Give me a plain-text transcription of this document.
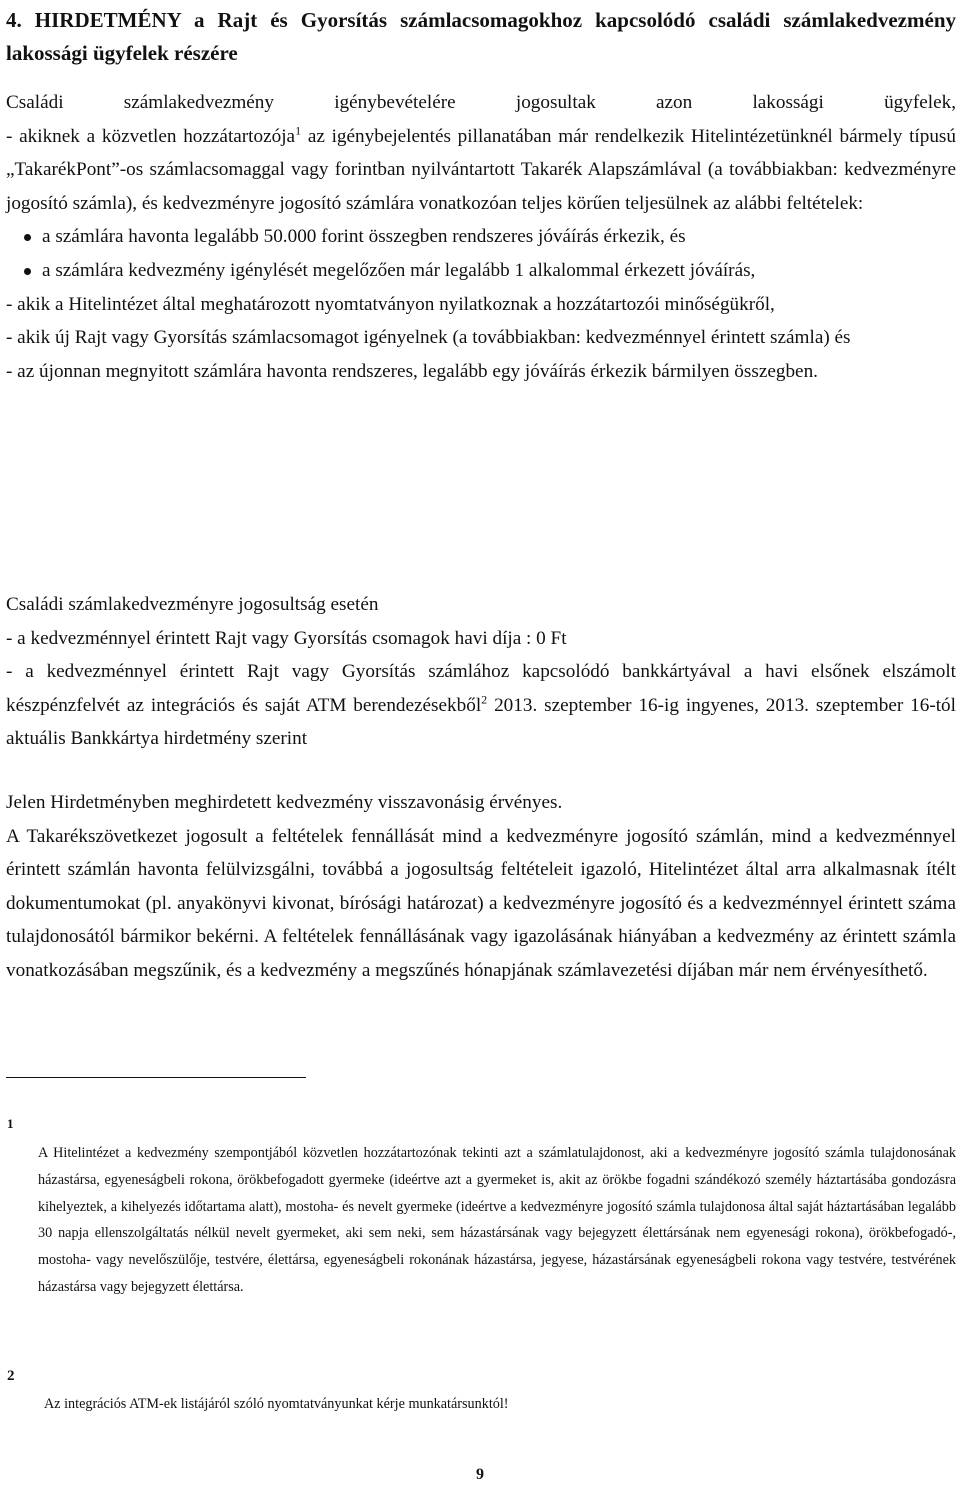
4. HIRDETMÉNY a Rajt és Gyorsítás számlacsomagokhoz kapcsolódó családi számlakedvezmény lakossági ügyfelek részére

Családi számlakedvezmény igénybevételére jogosultak azon lakossági ügyfelek,

- akiknek a közvetlen hozzátartozója$^1$ az igénybejelentés pillanatában már rendelkezik Hitelintézetünknél bármely típusú „TakarékPont”-os számlacsomaggal vagy forintban nyilvántartott Takarék Alapszámlával (a továbbiakban: kedvezményre jogosító számla), és kedvezményre jogosító számlára vonatkozóan teljes körűen teljesülnek az alábbi feltételek:

a számlára havonta legalább 50.000 forint összegben rendszeres jóváírás érkezik, és
a számlára kedvezmény igénylését megelőzően már legalább 1 alkalommal érkezett jóváírás,

- akik a Hitelintézet által meghatározott nyomtatványon nyilatkoznak a hozzátartozói minőségükről,

- akik új Rajt vagy Gyorsítás számlacsomagot igényelnek (a továbbiakban: kedvezménnyel érintett számla) és

- az újonnan megnyitott számlára havonta rendszeres, legalább egy jóváírás érkezik bármilyen összegben.

Családi számlakedvezményre jogosultság esetén

- a kedvezménnyel érintett Rajt vagy Gyorsítás csomagok havi díja : 0 Ft

- a kedvezménnyel érintett Rajt vagy Gyorsítás számlához kapcsolódó bankkártyával a havi elsőnek elszámolt készpénzfelvét az integrációs és saját ATM berendezésekből$^2$ 2013. szeptember 16-ig ingyenes, 2013. szeptember 16-tól aktuális Bankkártya hirdetmény szerint

Jelen Hirdetményben meghirdetett kedvezmény visszavonásig érvényes.

A Takarékszövetkezet jogosult a feltételek fennállását mind a kedvezményre jogosító számlán, mind a kedvezménnyel érintett számlán havonta felülvizsgálni, továbbá a jogosultság feltételeit igazoló, Hitelintézet által arra alkalmasnak ítélt dokumentumokat (pl. anyakönyvi kivonat, bírósági határozat) a kedvezményre jogosító és a kedvezménnyel érintett száma tulajdonosától bármikor bekérni. A feltételek fennállásának vagy igazolásának hiányában a kedvezmény az érintett számla vonatkozásában megszűnik, és a kedvezmény a megszűnés hónapjának számlavezetési díjában már nem érvényesíthető.

1
A Hitelintézet a kedvezmény szempontjából közvetlen hozzátartozónak tekinti azt a számlatulajdonost, aki a kedvezményre jogosító számla tulajdonosának házastársa, egyeneságbeli rokona, örökbefogadott gyermeke (ideértve azt a gyermeket is, akit az örökbe fogadni szándékozó személy háztartásába gondozásra kihelyeztek, a kihelyezés időtartama alatt), mostoha- és nevelt gyermeke (ideértve a kedvezményre jogosító számla tulajdonosa által saját háztartásában legalább 30 napja ellenszolgáltatás nélkül nevelt gyermeket, aki sem neki, sem házastársának vagy bejegyzett élettársának nem egyenesági rokona), örökbefogadó-, mostoha- vagy nevelőszülője, testvére, élettársa, egyeneságbeli rokonának házastársa, jegyese, házastársának egyeneságbeli rokona vagy testvére, testvérének házastársa vagy bejegyzett élettársa.
2
Az integrációs ATM-ek listájáról szóló nyomtatványunkat kérje munkatársunktól!
9
